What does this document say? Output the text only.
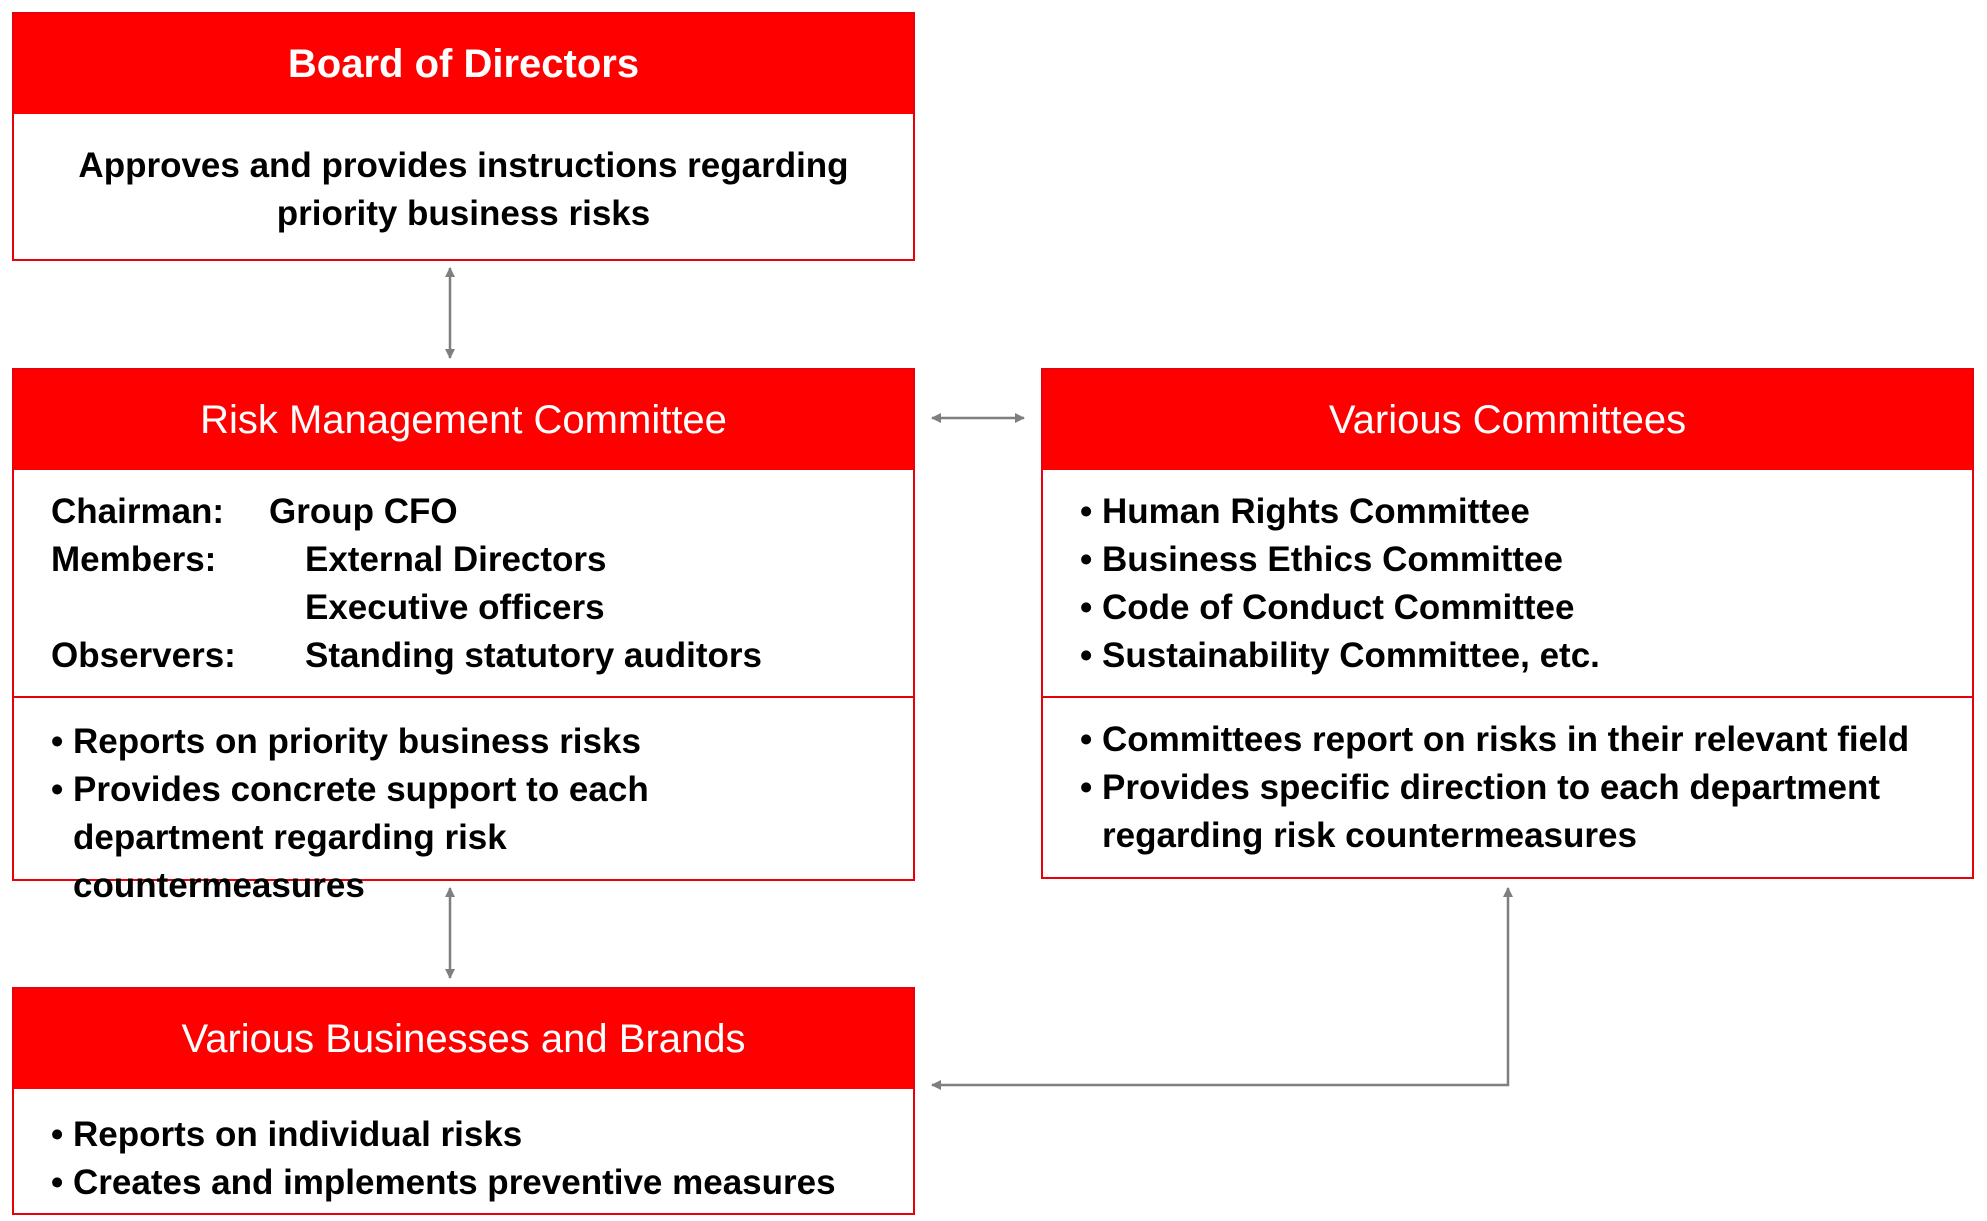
Board of Directors
Approves and provides instructions regarding priority business risks
Risk Management Committee
Chairman:	Group CFO
Members:	External Directors
Executive officers
Observers:	Standing statutory auditors
• Reports on priority business risks
• Provides concrete support to each department regarding risk countermeasures
Various Committees
• Human Rights Committee
• Business Ethics Committee
• Code of Conduct Committee
• Sustainability Committee, etc.
• Committees report on risks in their relevant field
• Provides specific direction to each department regarding risk countermeasures
Various Businesses and Brands
• Reports on individual risks
• Creates and implements preventive measures
